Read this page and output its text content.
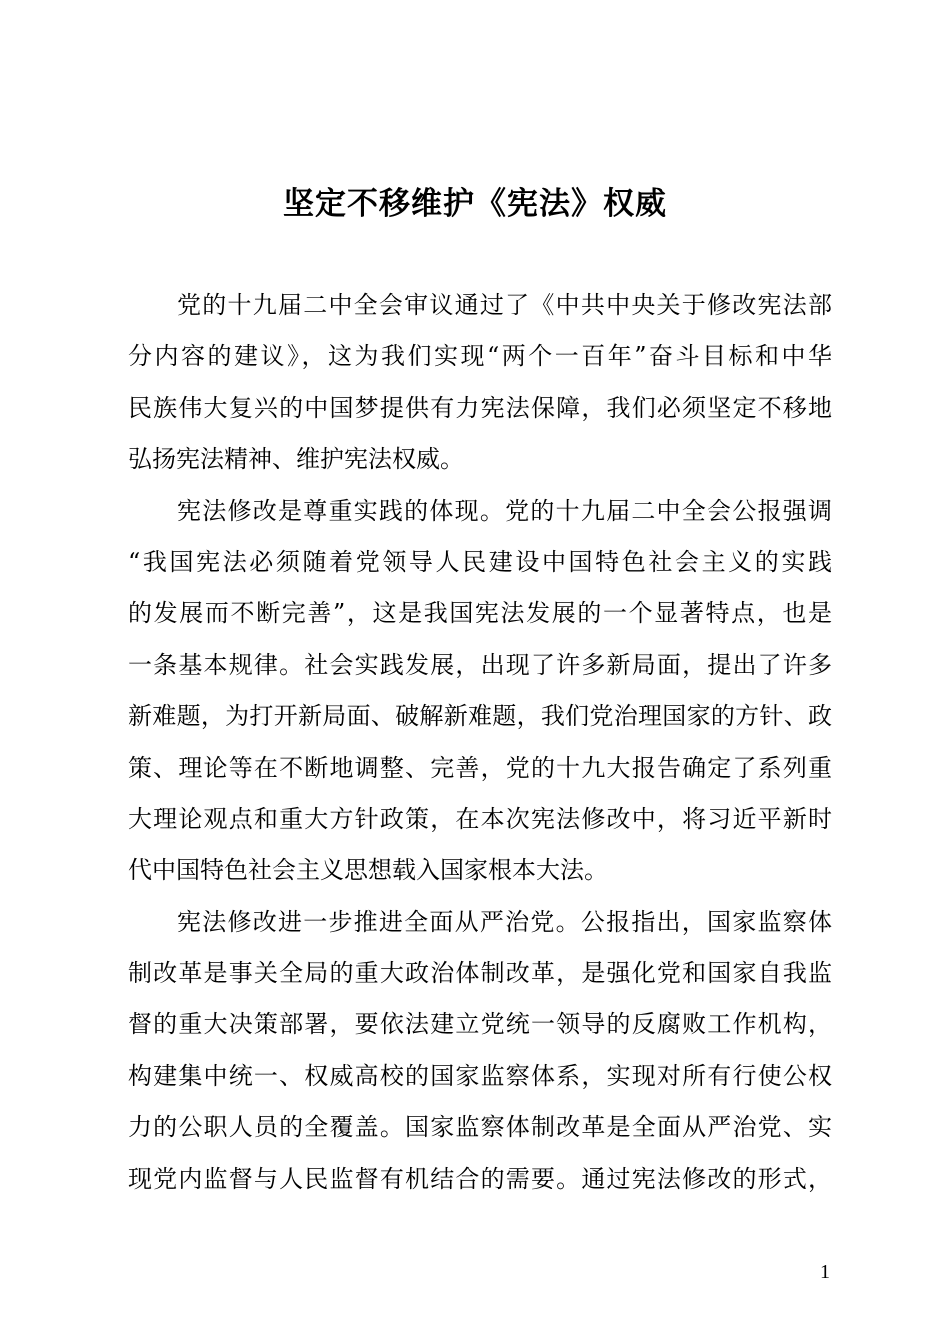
坚定不移维护《宪法》权威
党的十九届二中全会审议通过了《中共中央关于修改宪法部
分内容的建议》，这为我们实现“两个一百年”奋斗目标和中华
民族伟大复兴的中国梦提供有力宪法保障，我们必须坚定不移地
弘扬宪法精神、维护宪法权威。
宪法修改是尊重实践的体现。党的十九届二中全会公报强调
“我国宪法必须随着党领导人民建设中国特色社会主义的实践
的发展而不断完善”，这是我国宪法发展的一个显著特点，也是
一条基本规律。社会实践发展，出现了许多新局面，提出了许多
新难题，为打开新局面、破解新难题，我们党治理国家的方针、政
策、理论等在不断地调整、完善，党的十九大报告确定了系列重
大理论观点和重大方针政策，在本次宪法修改中，将习近平新时
代中国特色社会主义思想载入国家根本大法。
宪法修改进一步推进全面从严治党。公报指出，国家监察体
制改革是事关全局的重大政治体制改革，是强化党和国家自我监
督的重大决策部署，要依法建立党统一领导的反腐败工作机构，
构建集中统一、权威高校的国家监察体系，实现对所有行使公权
力的公职人员的全覆盖。国家监察体制改革是全面从严治党、实
现党内监督与人民监督有机结合的需要。通过宪法修改的形式，
1
